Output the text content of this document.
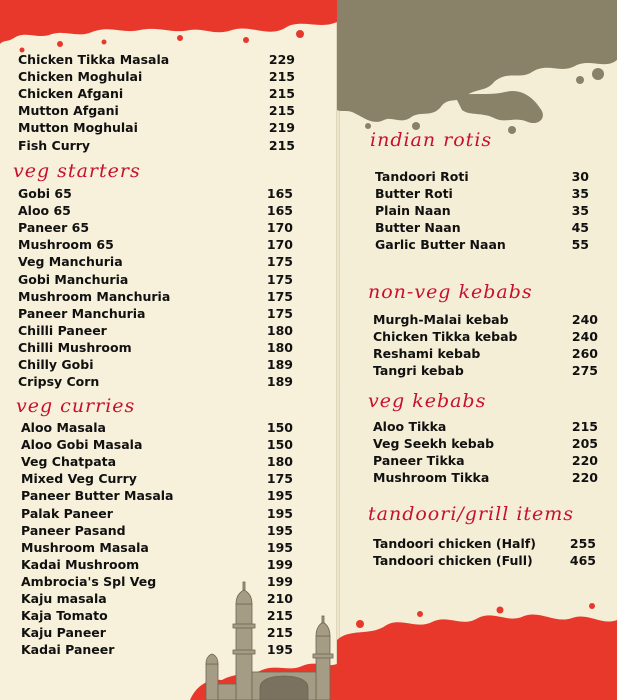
Chicken Tikka Masala	229
Chicken Moghulai	215
Chicken Afgani	215
Mutton Afgani	215
Mutton Moghulai	219
Fish Curry	215
veg starters
Gobi 65	165
Aloo 65	165
Paneer 65	170
Mushroom 65	170
Veg Manchuria	175
Gobi Manchuria	175
Mushroom Manchuria	175
Paneer Manchuria	175
Chilli Paneer	180
Chilli Mushroom	180
Chilly Gobi	189
Cripsy Corn	189
veg curries
Aloo Masala	150
Aloo Gobi Masala	150
Veg Chatpata	180
Mixed Veg Curry	175
Paneer Butter Masala	195
Palak Paneer	195
Paneer Pasand	195
Mushroom Masala	195
Kadai Mushroom	199
Ambrocia's Spl Veg	199
Kaju masala	210
Kaja Tomato	215
Kaju Paneer	215
Kadai Paneer	195
indian rotis
Tandoori Roti	30
Butter Roti	35
Plain Naan	35
Butter Naan	45
Garlic Butter Naan	55
non-veg kebabs
Murgh-Malai kebab	240
Chicken Tikka kebab	240
Reshami kebab	260
Tangri kebab	275
veg kebabs
Aloo Tikka	215
Veg Seekh kebab	205
Paneer Tikka	220
Mushroom Tikka	220
tandoori/grill items
Tandoori chicken (Half)	255
Tandoori chicken (Full)	465
